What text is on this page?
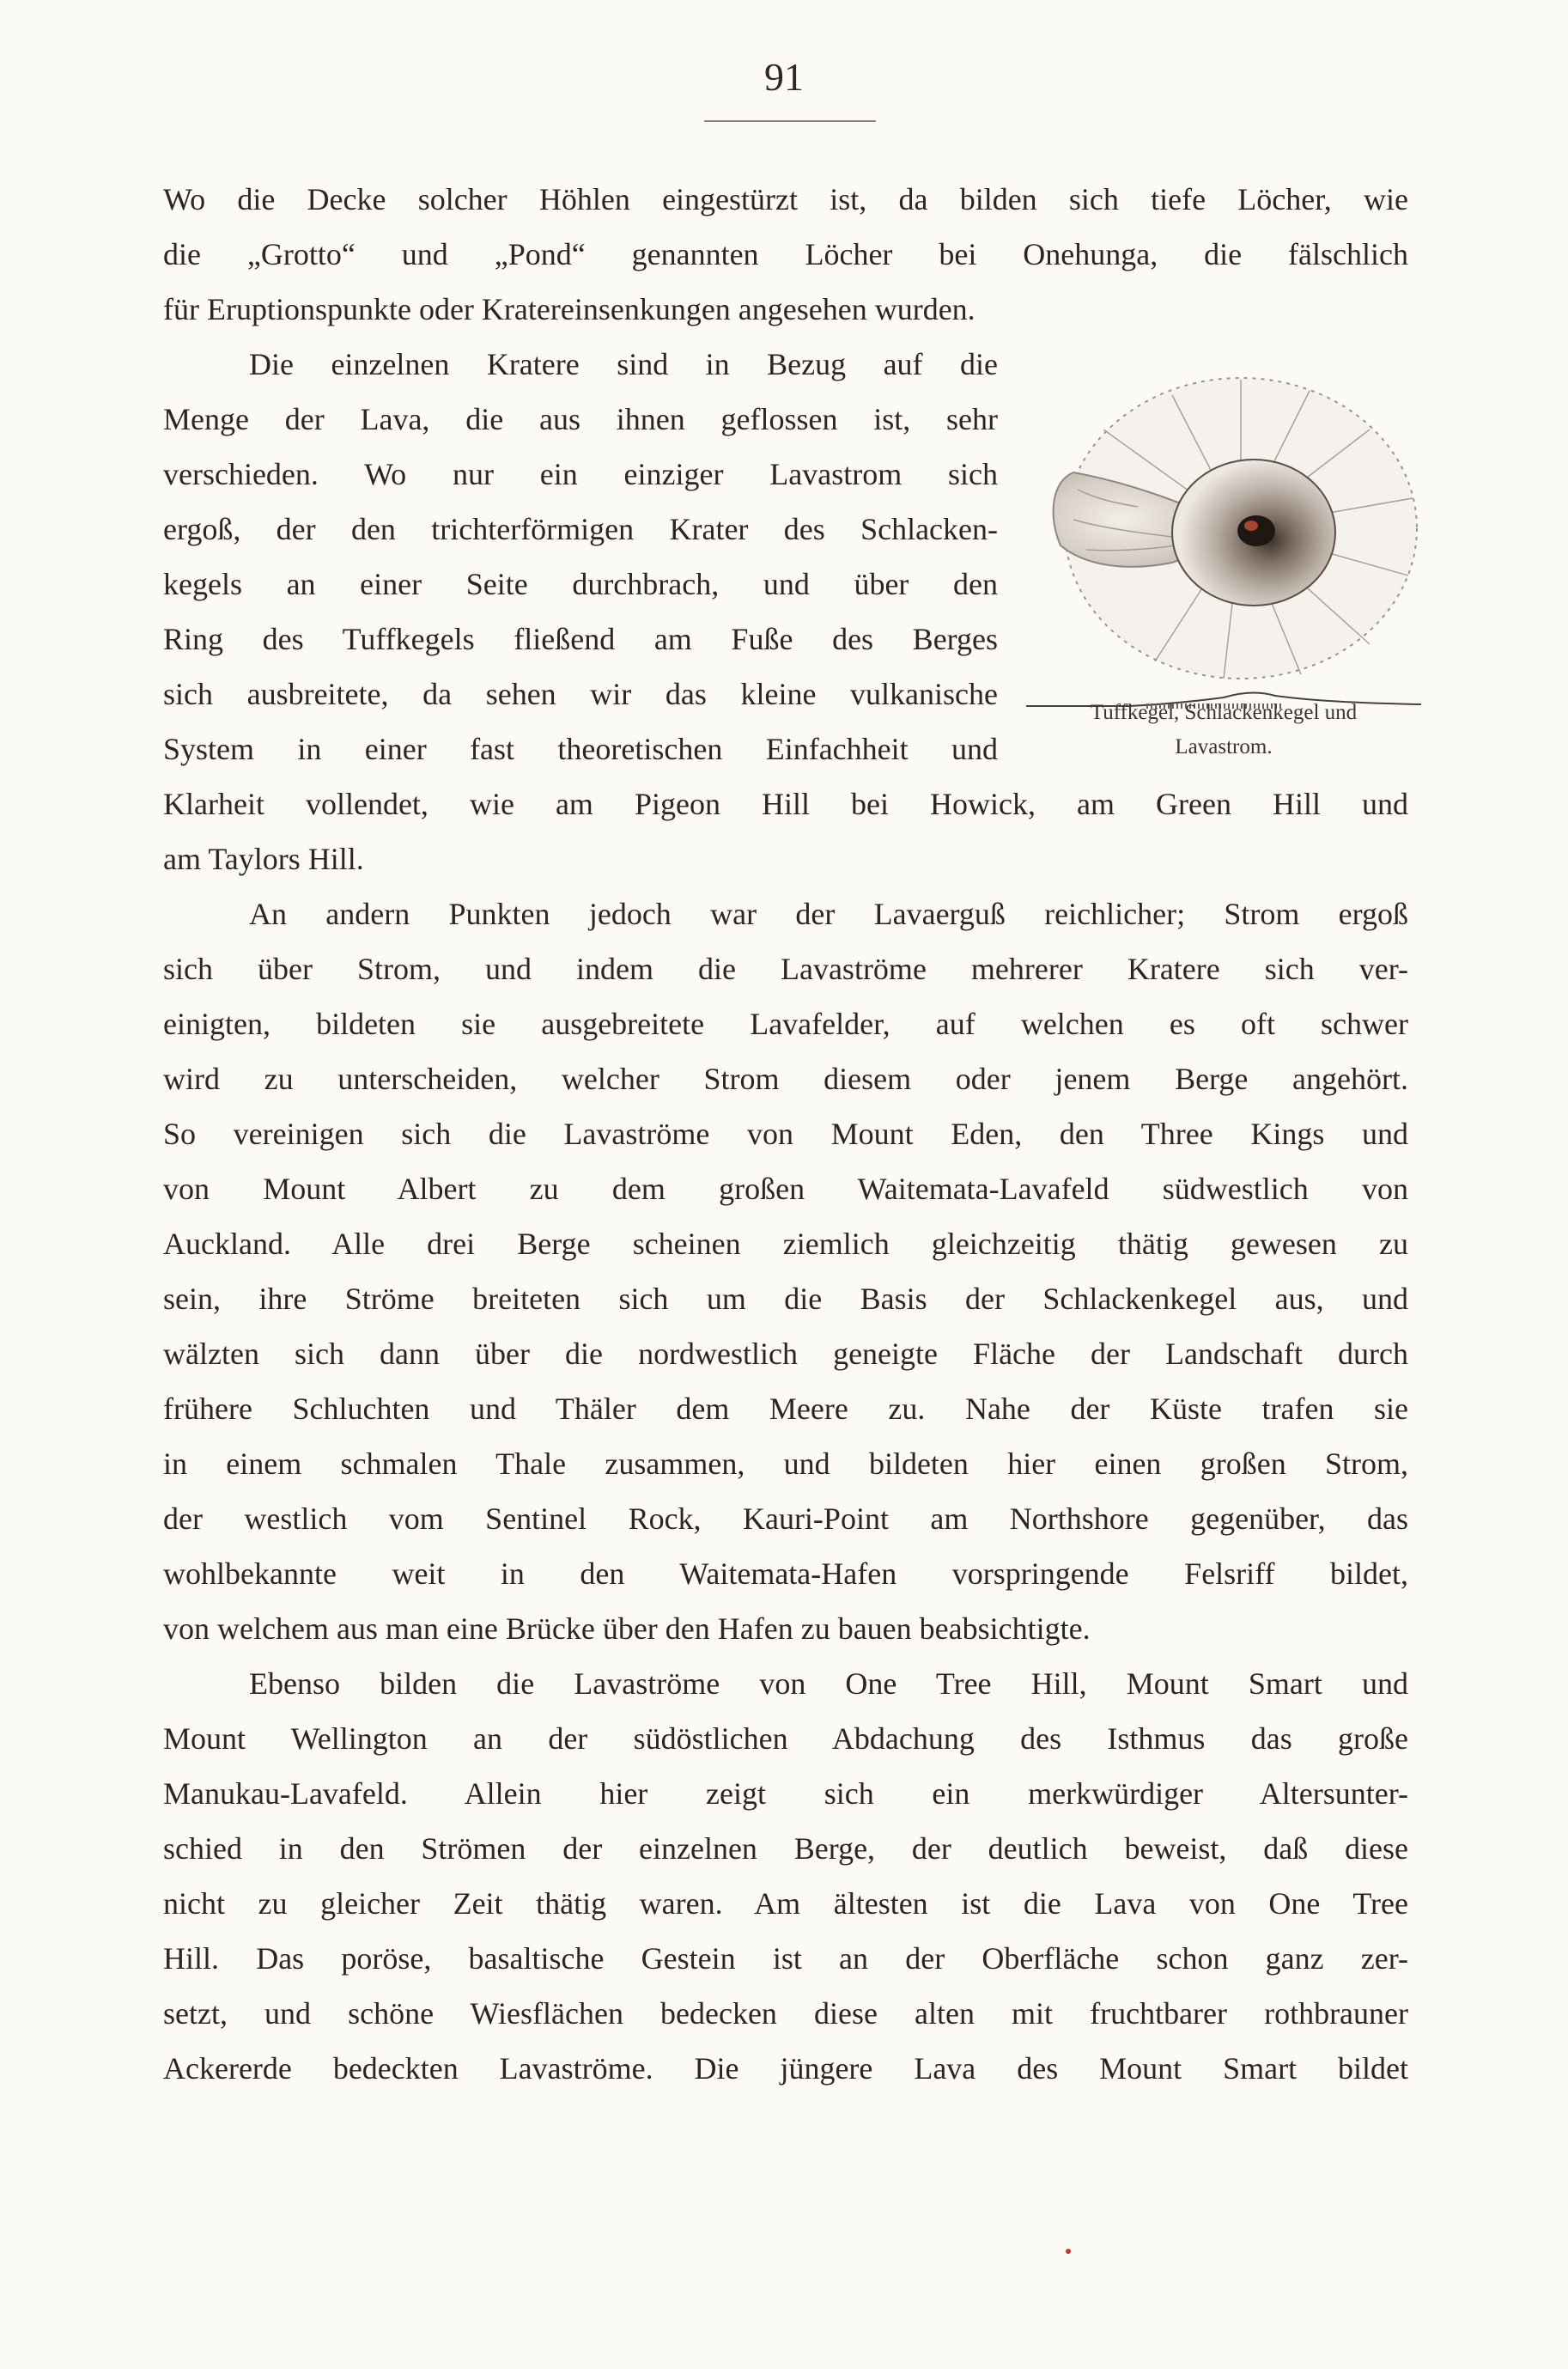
91
Wo die Decke solcher Höhlen eingestürzt ist, da bilden sich tiefe Löcher, wie
die „Grotto“ und „Pond“ genannten Löcher bei Onehunga, die fälschlich
für Eruptionspunkte oder Kratereinsenkungen angesehen wurden.
Die einzelnen Kratere sind in Bezug auf die
Menge der Lava, die aus ihnen geflossen ist, sehr
verschieden. Wo nur ein einziger Lavastrom sich
ergoß, der den trichterförmigen Krater des Schlacken-
kegels an einer Seite durchbrach, und über den
Ring des Tuffkegels fließend am Fuße des Berges
sich ausbreitete, da sehen wir das kleine vulkanische
System in einer fast theoretischen Einfachheit und
Klarheit vollendet, wie am Pigeon Hill bei Howick, am Green Hill und
am Taylors Hill.
An andern Punkten jedoch war der Lavaerguß reichlicher; Strom ergoß
sich über Strom, und indem die Lavaströme mehrerer Kratere sich ver-
einigten, bildeten sie ausgebreitete Lavafelder, auf welchen es oft schwer
wird zu unterscheiden, welcher Strom diesem oder jenem Berge angehört.
So vereinigen sich die Lavaströme von Mount Eden, den Three Kings und
von Mount Albert zu dem großen Waitemata-Lavafeld südwestlich von
Auckland. Alle drei Berge scheinen ziemlich gleichzeitig thätig gewesen zu
sein, ihre Ströme breiteten sich um die Basis der Schlackenkegel aus, und
wälzten sich dann über die nordwestlich geneigte Fläche der Landschaft durch
frühere Schluchten und Thäler dem Meere zu. Nahe der Küste trafen sie
in einem schmalen Thale zusammen, und bildeten hier einen großen Strom,
der westlich vom Sentinel Rock, Kauri-Point am Northshore gegenüber, das
wohlbekannte weit in den Waitemata-Hafen vorspringende Felsriff bildet,
von welchem aus man eine Brücke über den Hafen zu bauen beabsichtigte.
Ebenso bilden die Lavaströme von One Tree Hill, Mount Smart und
Mount Wellington an der südöstlichen Abdachung des Isthmus das große
Manukau-Lavafeld. Allein hier zeigt sich ein merkwürdiger Altersunter-
schied in den Strömen der einzelnen Berge, der deutlich beweist, daß diese
nicht zu gleicher Zeit thätig waren. Am ältesten ist die Lava von One Tree
Hill. Das poröse, basaltische Gestein ist an der Oberfläche schon ganz zer-
setzt, und schöne Wiesflächen bedecken diese alten mit fruchtbarer rothbrauner
Ackererde bedeckten Lavaströme. Die jüngere Lava des Mount Smart bildet
Tuffkegel, Schlackenkegel und
Lavastrom.
